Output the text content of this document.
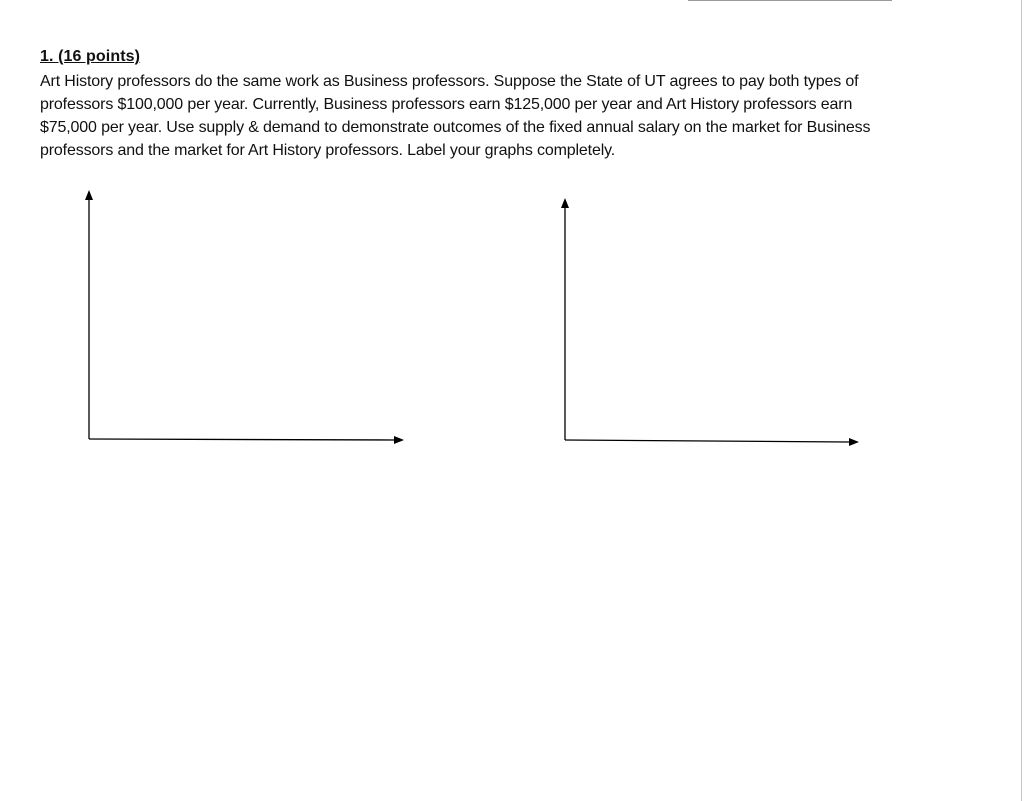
1. (16 points)
Art History professors do the same work as Business professors. Suppose the State of UT agrees to pay both types of
professors $100,000 per year. Currently, Business professors earn $125,000 per year and Art History professors earn
$75,000 per year. Use supply & demand to demonstrate outcomes of the fixed annual salary on the market for Business
professors and the market for Art History professors. Label your graphs completely.
